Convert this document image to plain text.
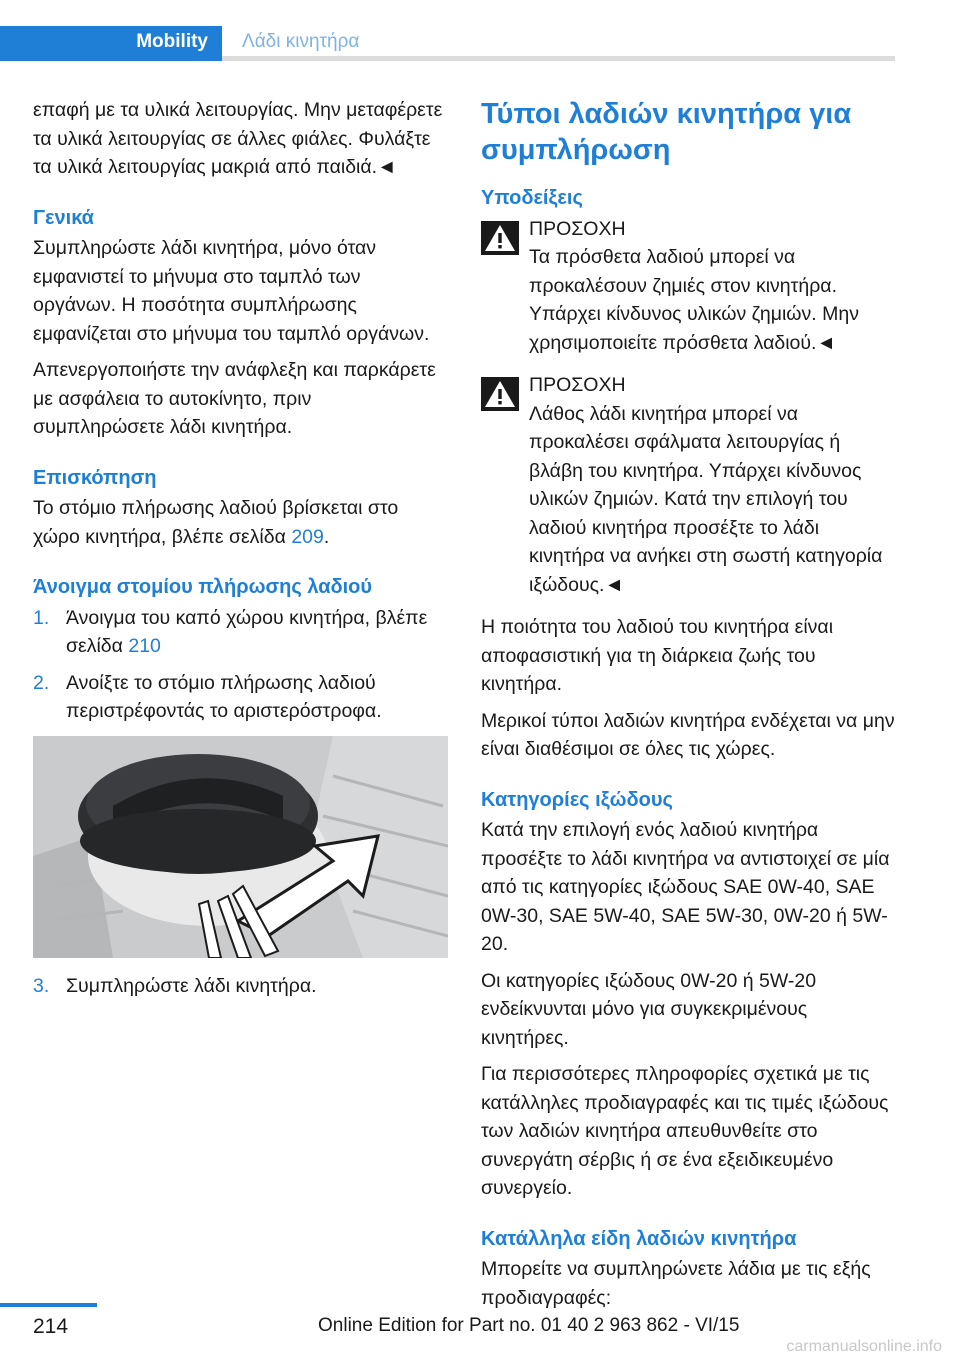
Mobility Λάδι κινητήρα

επαφή με τα υλικά λειτουργίας. Μην μεταφέρετε τα υλικά λειτουργίας σε άλλες φιάλες. Φυλάξτε τα υλικά λειτουργίας μακριά από παιδιά.◄

Γενικά

Συμπληρώστε λάδι κινητήρα, μόνο όταν εμφανιστεί το μήνυμα στο ταμπλό των οργάνων. Η ποσότητα συμπλήρωσης εμφανίζεται στο μήνυμα του ταμπλό οργάνων.

Απενεργοποιήστε την ανάφλεξη και παρκάρετε με ασφάλεια το αυτοκίνητο, πριν συμπληρώσετε λάδι κινητήρα.

Επισκόπηση

Το στόμιο πλήρωσης λαδιού βρίσκεται στο χώρο κινητήρα, βλέπε σελίδα 209.

Άνοιγμα στομίου πλήρωσης λαδιού
1. Άνοιγμα του καπό χώρου κινητήρα, βλέπε σελίδα 210
2. Ανοίξτε το στόμιο πλήρωσης λαδιού περιστρέφοντάς το αριστερόστροφα.
3. Συμπληρώστε λάδι κινητήρα.
Τύποι λαδιών κινητήρα για συμπλήρωση
Υποδείξεις
ΠΡΟΣΟΧΗ
Τα πρόσθετα λαδιού μπορεί να προκαλέσουν ζημιές στον κινητήρα. Υπάρχει κίνδυνος υλικών ζημιών. Μην χρησιμοποιείτε πρόσθετα λαδιού.◄
ΠΡΟΣΟΧΗ
Λάθος λάδι κινητήρα μπορεί να προκαλέσει σφάλματα λειτουργίας ή βλάβη του κινητήρα. Υπάρχει κίνδυνος υλικών ζημιών. Κατά την επιλογή του λαδιού κινητήρα προσέξτε το λάδι κινητήρα να ανήκει στη σωστή κατηγορία ιξώδους.◄

Η ποιότητα του λαδιού του κινητήρα είναι αποφασιστική για τη διάρκεια ζωής του κινητήρα.

Μερικοί τύποι λαδιών κινητήρα ενδέχεται να μην είναι διαθέσιμοι σε όλες τις χώρες.

Κατηγορίες ιξώδους

Κατά την επιλογή ενός λαδιού κινητήρα προσέξτε το λάδι κινητήρα να αντιστοιχεί σε μία από τις κατηγορίες ιξώδους SAE 0W-40, SAE 0W-30, SAE 5W-40, SAE 5W-30, 0W-20 ή 5W-20.

Οι κατηγορίες ιξώδους 0W-20 ή 5W-20 ενδείκνυνται μόνο για συγκεκριμένους κινητήρες.

Για περισσότερες πληροφορίες σχετικά με τις κατάλληλες προδιαγραφές και τις τιμές ιξώδους των λαδιών κινητήρα απευθυνθείτε στο συνεργάτη σέρβις ή σε ένα εξειδικευμένο συνεργείο.

Κατάλληλα είδη λαδιών κινητήρα

Μπορείτε να συμπληρώνετε λάδια με τις εξής προδιαγραφές:

214	Online Edition for Part no. 01 40 2 963 862 - VI/15
carmanualsonline.info
